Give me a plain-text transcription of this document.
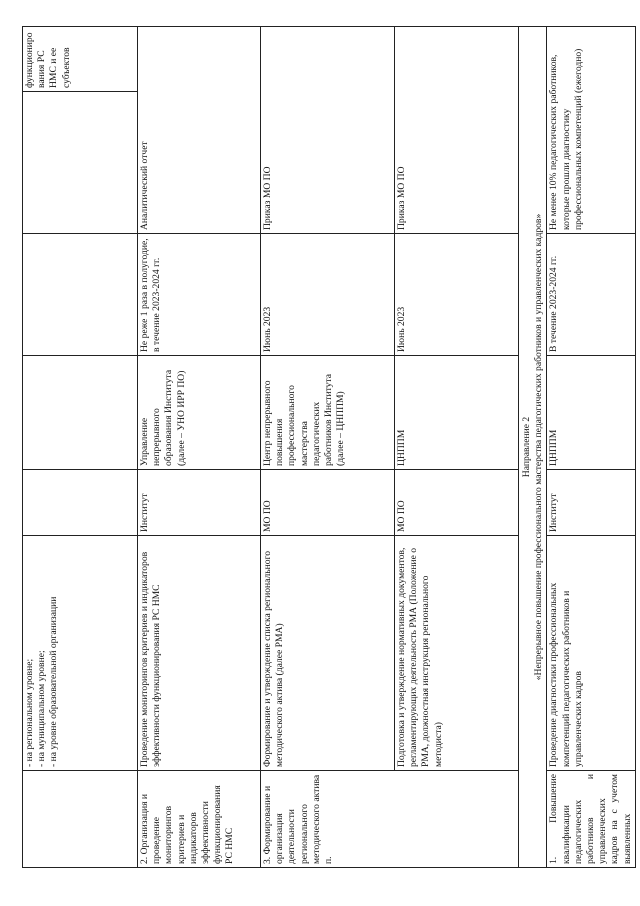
	- на региональном уровне; - на муниципальном уровне; - на уровне образовательной организации					функционирования РС НМС и ее субъектов
2. Организация и проведение мониторингов критериев и индикаторов эффективности функционирования РС НМС	Проведение мониторингов критериев и индикаторов эффективности функционирования РС НМС	Институт	Управление непрерывного образования Института (далее – УНО ИРР ПО)	Не реже 1 раза в полугодие, в течение 2023-2024 гг.	Аналитический отчет	
3. Формирование и организация деятельности регионального методического актива п.	Формирование и утверждение списка регионального методического актива (далее РМА)	МО ПО	Центр непрерывного повышения профессионального мастерства педагогических работников Института (далее – ЦНППМ)	Июнь 2023	Приказ МО ПО	
	Подготовка и утверждение нормативных документов, регламентирующих деятельность РМА (Положение о РМА, должностная инструкция регионального методиста)	МО ПО	ЦНППМ	Июнь 2023	Приказ МО ПО	

Направление 2 «Непрерывное повышение профессионального мастерства педагогических работников и управленческих кадров»						

1. Повышение квалификации педагогических работников и управленческих кадров на с учетом выявленных	Проведение диагностики профессиональных компетенций педагогических работников и управленческих кадров	Институт	ЦНППМ	В течение 2023-2024 гг.	Не менее 10% педагогических работников, которые прошли диагностику профессиональных компетенций (ежегодно)	
